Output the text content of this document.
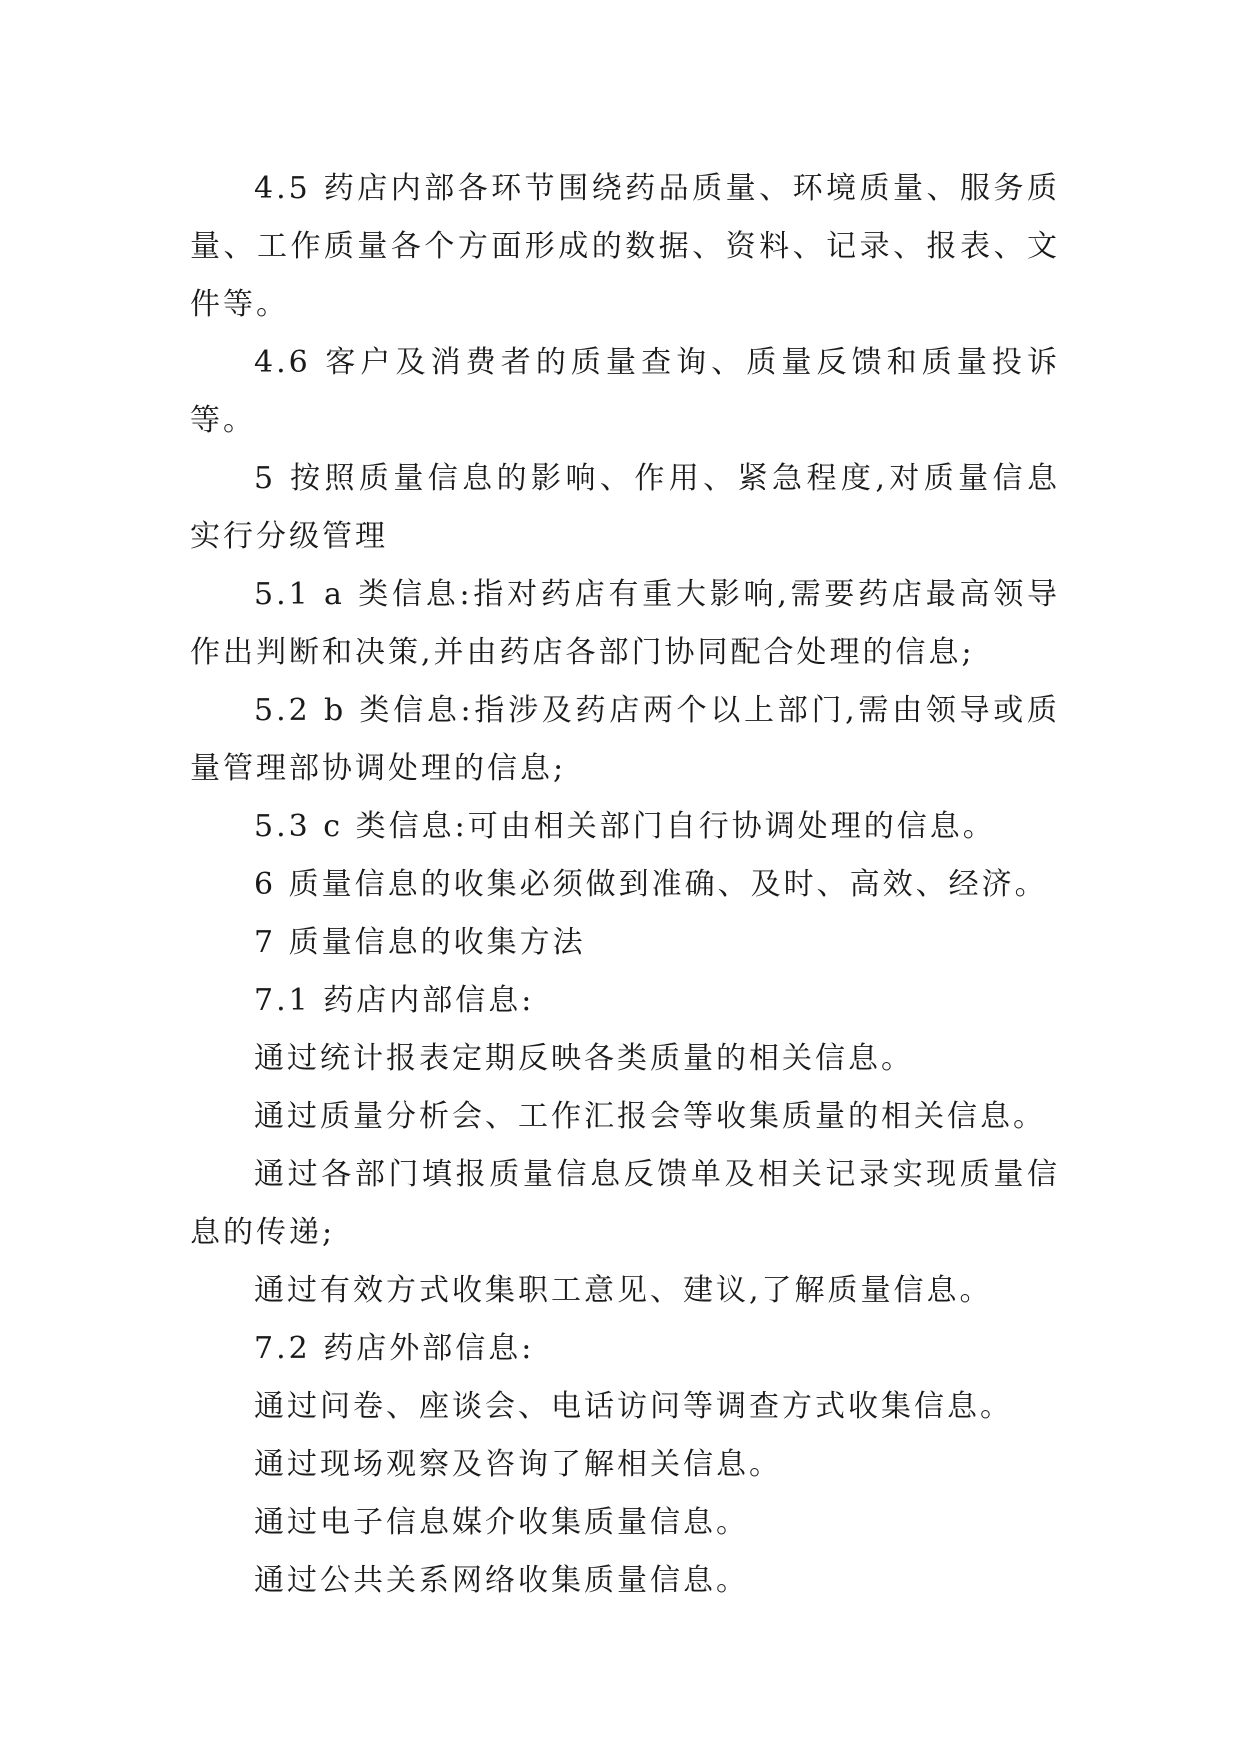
4.5 药店内部各环节围绕药品质量、环境质量、服务质量、工作质量各个方面形成的数据、资料、记录、报表、文件等。

4.6 客户及消费者的质量查询、质量反馈和质量投诉等。

5 按照质量信息的影响、作用、紧急程度,对质量信息实行分级管理

5.1 a 类信息:指对药店有重大影响,需要药店最高领导作出判断和决策,并由药店各部门协同配合处理的信息;

5.2 b 类信息:指涉及药店两个以上部门,需由领导或质量管理部协调处理的信息;

5.3 c 类信息:可由相关部门自行协调处理的信息。

6 质量信息的收集必须做到准确、及时、高效、经济。

7 质量信息的收集方法

7.1 药店内部信息:

通过统计报表定期反映各类质量的相关信息。

通过质量分析会、工作汇报会等收集质量的相关信息。

通过各部门填报质量信息反馈单及相关记录实现质量信息的传递;

通过有效方式收集职工意见、建议,了解质量信息。

7.2 药店外部信息:

通过问卷、座谈会、电话访问等调查方式收集信息。

通过现场观察及咨询了解相关信息。

通过电子信息媒介收集质量信息。

通过公共关系网络收集质量信息。
